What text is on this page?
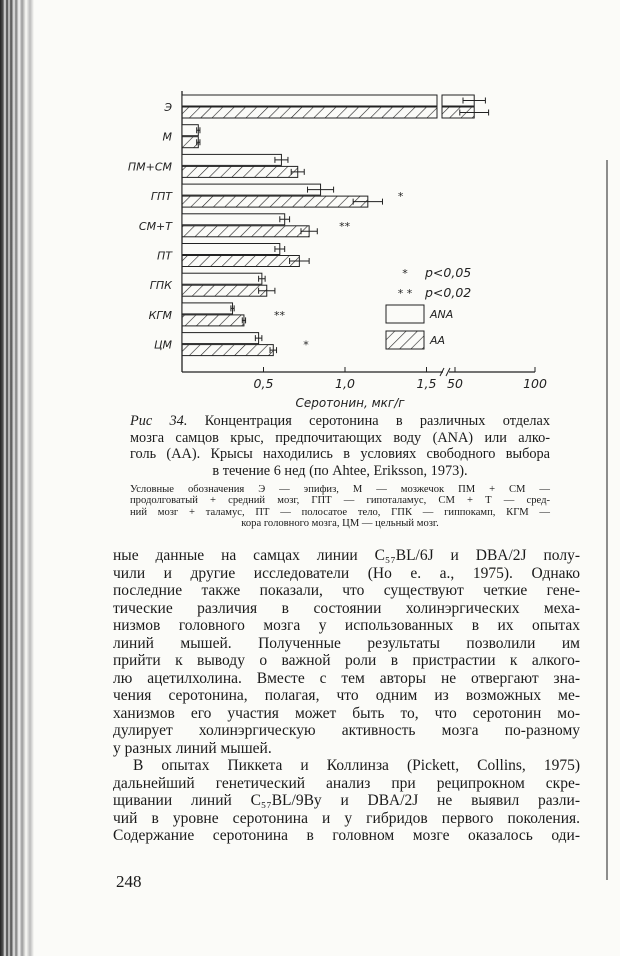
0,5	1,0	1,5 50	100
Э
М
ПМ+СМ
ГПТ	*
СМ+Т	**
ПТ
ГПК
КГМ	**
ЦМ	*
* p<0,05
* * p<0,02
ANA
AA
Серотонин, мкг/г
Рис 34. Концентрация серотонина в различных отделах
мозга самцов крыс, предпочитающих воду (ANA) или алко-
голь (АА). Крысы находились в условиях свободного выбора
в течение 6 нед (по Ahtee, Eriksson, 1973).
Условные обозначения Э — эпифиз, М — мозжечок ПМ + СМ —
продолговатый + средний мозг, ГПТ — гипоталамус, СМ + Т — сред-
ний мозг + таламус, ПТ — полосатое тело, ГПК — гиппокамп, КГМ —
кора головного мозга, ЦМ — цельный мозг.
ные данные на самцах линии C₅₇BL/6J и DBA/2J полу-
чили и другие исследователи (Ho e. a., 1975). Однако
последние также показали, что существуют четкие гене-
тические различия в состоянии холинэргических меха-
низмов головного мозга у использованных в их опытах
линий мышей. Полученные результаты позволили им
прийти к выводу о важной роли в пристрастии к алкого-
лю ацетилхолина. Вместе с тем авторы не отвергают зна-
чения серотонина, полагая, что одним из возможных ме-
ханизмов его участия может быть то, что серотонин мо-
дулирует холинэргическую активность мозга по-разному
у разных линий мышей.
В опытах Пиккета и Коллинза (Pickett, Collins, 1975)
дальнейший генетический анализ при реципрокном скре-
щивании линий C₅₇BL/9By и DBA/2J не выявил разли-
чий в уровне серотонина и у гибридов первого поколения.
Содержание серотонина в головном мозге оказалось оди-
248
